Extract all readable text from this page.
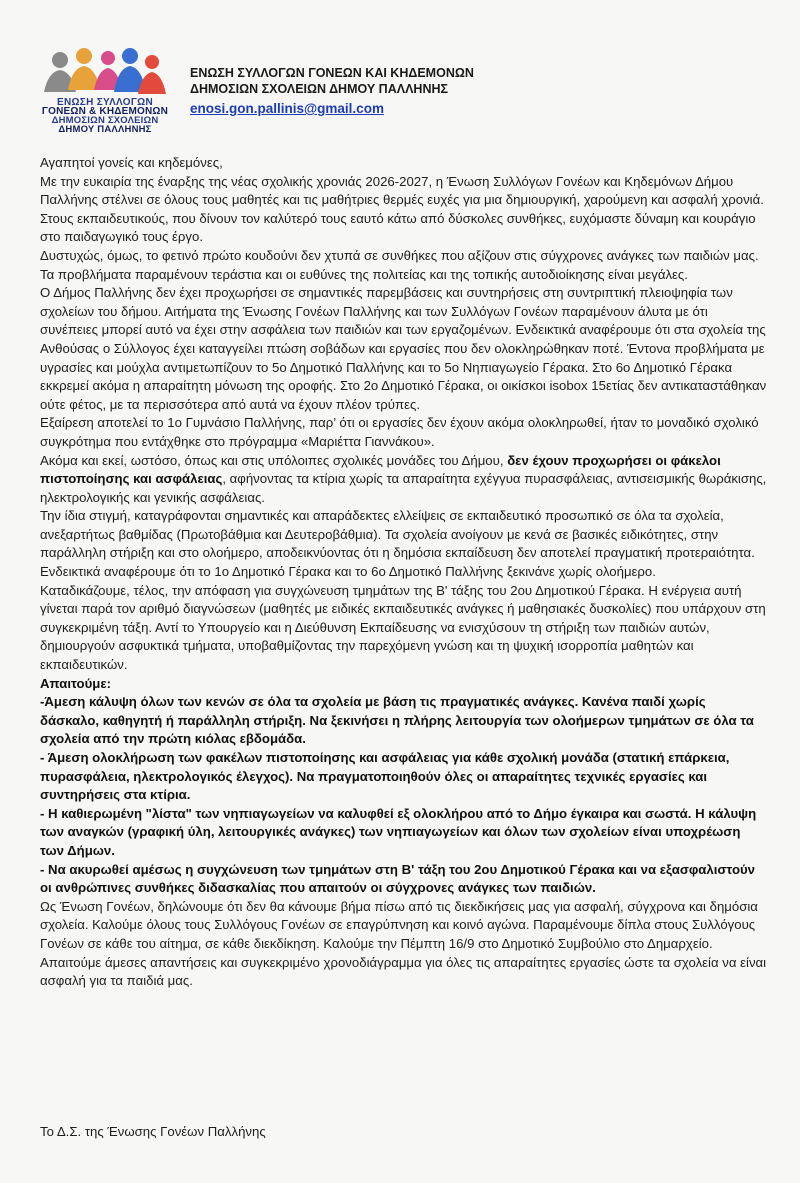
ΕΝΩΣΗ ΣΥΛΛΟΓΩΝ
ΓΟΝΕΩΝ & ΚΗΔΕΜΟΝΩΝ
ΔΗΜΟΣΙΩΝ ΣΧΟΛΕΙΩΝ
ΔΗΜΟΥ ΠΑΛΛΗΝΗΣ
ΕΝΩΣΗ ΣΥΛΛΟΓΩΝ ΓΟΝΕΩΝ ΚΑΙ ΚΗΔΕΜΟΝΩΝ
ΔΗΜΟΣΙΩΝ ΣΧΟΛΕΙΩΝ ΔΗΜΟΥ ΠΑΛΛΗΝΗΣ
enosi.gon.pallinis@gmail.com

Αγαπητοί γονείς και κηδεμόνες,

Με την ευκαιρία της έναρξης της νέας σχολικής χρονιάς 2026-2027, η Ένωση Συλλόγων Γονέων και Κηδεμόνων Δήμου Παλλήνης στέλνει σε όλους τους μαθητές και τις μαθήτριες θερμές ευχές για μια δημιουργική, χαρούμενη και ασφαλή χρονιά. Στους εκπαιδευτικούς, που δίνουν τον καλύτερό τους εαυτό κάτω από δύσκολες συνθήκες, ευχόμαστε δύναμη και κουράγιο στο παιδαγωγικό τους έργο.

Δυστυχώς, όμως, το φετινό πρώτο κουδούνι δεν χτυπά σε συνθήκες που αξίζουν στις σύγχρονες ανάγκες των παιδιών μας. Τα προβλήματα παραμένουν τεράστια και οι ευθύνες της πολιτείας και της τοπικής αυτοδιοίκησης είναι μεγάλες.

Ο Δήμος Παλλήνης δεν έχει προχωρήσει σε σημαντικές παρεμβάσεις και συντηρήσεις στη συντριπτική πλειοψηφία των σχολείων του δήμου. Αιτήματα της Ένωσης Γονέων Παλλήνης και των Συλλόγων Γονέων παραμένουν άλυτα με ότι συνέπειες μπορεί αυτό να έχει στην ασφάλεια των παιδιών και των εργαζομένων. Ενδεικτικά αναφέρουμε ότι στα σχολεία της Ανθούσας ο Σύλλογος έχει καταγγείλει πτώση σοβάδων και εργασίες που δεν ολοκληρώθηκαν ποτέ. Έντονα προβλήματα με υγρασίες και μούχλα αντιμετωπίζουν το 5ο Δημοτικό Παλλήνης και το 5ο Νηπιαγωγείο Γέρακα. Στο 6ο Δημοτικό Γέρακα εκκρεμεί ακόμα η απαραίτητη μόνωση της οροφής. Στο 2ο Δημοτικό Γέρακα, οι οικίσκοι isobox 15ετίας δεν αντικαταστάθηκαν ούτε φέτος, με τα περισσότερα από αυτά να έχουν πλέον τρύπες.

Εξαίρεση αποτελεί το 1ο Γυμνάσιο Παλλήνης, παρ’ ότι οι εργασίες δεν έχουν ακόμα ολοκληρωθεί, ήταν το μοναδικό σχολικό συγκρότημα που εντάχθηκε στο πρόγραμμα «Μαριέττα Γιαννάκου».

Ακόμα και εκεί, ωστόσο, όπως και στις υπόλοιπες σχολικές μονάδες του Δήμου, δεν έχουν προχωρήσει οι φάκελοι πιστοποίησης και ασφάλειας, αφήνοντας τα κτίρια χωρίς τα απαραίτητα εχέγγυα πυρασφάλειας, αντισεισμικής θωράκισης, ηλεκτρολογικής και γενικής ασφάλειας.

Την ίδια στιγμή, καταγράφονται σημαντικές και απαράδεκτες ελλείψεις σε εκπαιδευτικό προσωπικό σε όλα τα σχολεία, ανεξαρτήτως βαθμίδας (Πρωτοβάθμια και Δευτεροβάθμια). Τα σχολεία ανοίγουν με κενά σε βασικές ειδικότητες, στην παράλληλη στήριξη και στο ολοήμερο, αποδεικνύοντας ότι η δημόσια εκπαίδευση δεν αποτελεί πραγματική προτεραιότητα. Ενδεικτικά αναφέρουμε ότι το 1ο Δημοτικό Γέρακα και το 6ο Δημοτικό Παλλήνης ξεκινάνε χωρίς ολοήμερο.

Καταδικάζουμε, τέλος, την απόφαση για συγχώνευση τμημάτων της Β' τάξης του 2ου Δημοτικού Γέρακα. Η ενέργεια αυτή γίνεται παρά τον αριθμό διαγνώσεων (μαθητές με ειδικές εκπαιδευτικές ανάγκες ή μαθησιακές δυσκολίες) που υπάρχουν στη συγκεκριμένη τάξη. Αντί το Υπουργείο και η Διεύθυνση Εκπαίδευσης να ενισχύσουν τη στήριξη των παιδιών αυτών, δημιουργούν ασφυκτικά τμήματα, υποβαθμίζοντας την παρεχόμενη γνώση και τη ψυχική ισορροπία μαθητών και εκπαιδευτικών.

Απαιτούμε:

-Άμεση κάλυψη όλων των κενών σε όλα τα σχολεία με βάση τις πραγματικές ανάγκες. Κανένα παιδί χωρίς δάσκαλο, καθηγητή ή παράλληλη στήριξη. Να ξεκινήσει η πλήρης λειτουργία των ολοήμερων τμημάτων σε όλα τα σχολεία από την πρώτη κιόλας εβδομάδα.

- Άμεση ολοκλήρωση των φακέλων πιστοποίησης και ασφάλειας για κάθε σχολική μονάδα (στατική επάρκεια, πυρασφάλεια, ηλεκτρολογικός έλεγχος). Να πραγματοποιηθούν όλες οι απαραίτητες τεχνικές εργασίες και συντηρήσεις στα κτίρια.

- Η καθιερωμένη "λίστα" των νηπιαγωγείων να καλυφθεί εξ ολοκλήρου από το Δήμο έγκαιρα και σωστά. Η κάλυψη των αναγκών (γραφική ύλη, λειτουργικές ανάγκες) των νηπιαγωγείων και όλων των σχολείων είναι υποχρέωση των Δήμων.

- Να ακυρωθεί αμέσως η συγχώνευση των τμημάτων στη Β' τάξη του 2ου Δημοτικού Γέρακα και να εξασφαλιστούν οι ανθρώπινες συνθήκες διδασκαλίας που απαιτούν οι σύγχρονες ανάγκες των παιδιών.

Ως Ένωση Γονέων, δηλώνουμε ότι δεν θα κάνουμε βήμα πίσω από τις διεκδικήσεις μας για ασφαλή, σύγχρονα και δημόσια σχολεία. Καλούμε όλους τους Συλλόγους Γονέων σε επαγρύπνηση και κοινό αγώνα. Παραμένουμε δίπλα στους Συλλόγους Γονέων σε κάθε του αίτημα, σε κάθε διεκδίκηση. Καλούμε την Πέμπτη 16/9 στο Δημοτικό Συμβούλιο στο Δημαρχείο. Απαιτούμε άμεσες απαντήσεις και συγκεκριμένο χρονοδιάγραμμα για όλες τις απαραίτητες εργασίες ώστε τα σχολεία να είναι ασφαλή για τα παιδιά μας.

Το Δ.Σ. της Ένωσης Γονέων Παλλήνης
